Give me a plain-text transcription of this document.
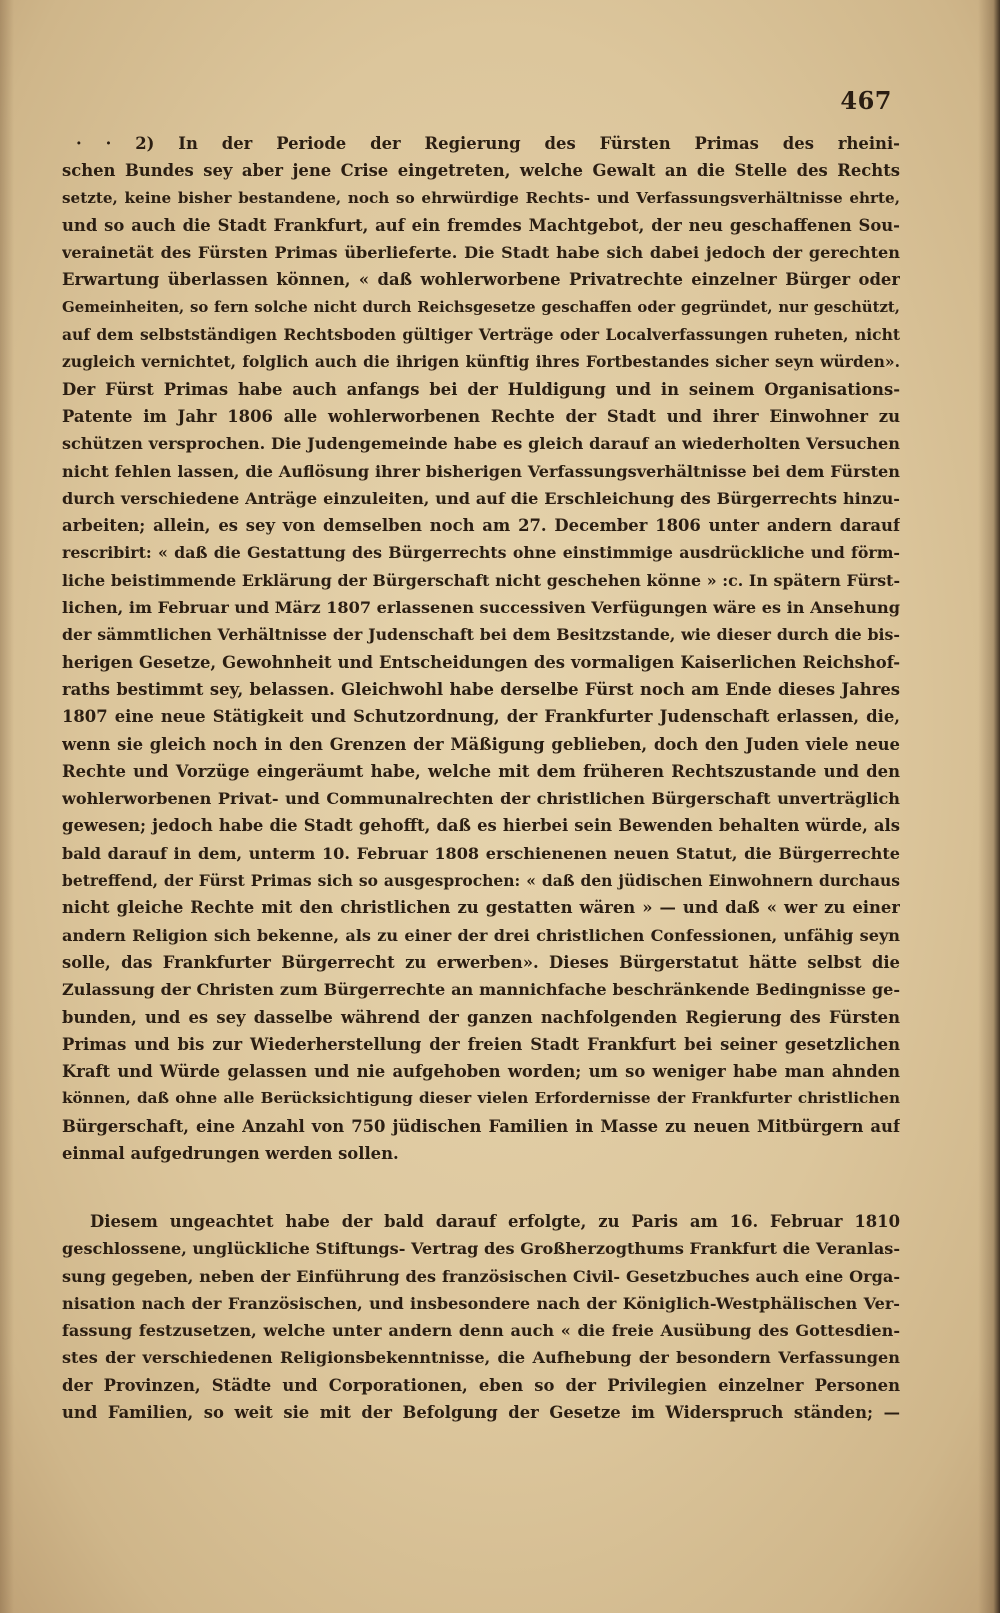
467
· · 2) In der Periode der Regierung des Fürsten Primas des rheini-
schen Bundes sey aber jene Crise eingetreten, welche Gewalt an die Stelle des Rechts
setzte, keine bisher bestandene, noch so ehrwürdige Rechts- und Verfassungsverhältnisse ehrte,
und so auch die Stadt Frankfurt, auf ein fremdes Machtgebot, der neu geschaffenen Sou-
verainetät des Fürsten Primas überlieferte. Die Stadt habe sich dabei jedoch der gerechten
Erwartung überlassen können, « daß wohlerworbene Privatrechte einzelner Bürger oder
Gemeinheiten, so fern solche nicht durch Reichsgesetze geschaffen oder gegründet, nur geschützt,
auf dem selbstständigen Rechtsboden gültiger Verträge oder Localverfassungen ruheten, nicht
zugleich vernichtet, folglich auch die ihrigen künftig ihres Fortbestandes sicher seyn würden».
Der Fürst Primas habe auch anfangs bei der Huldigung und in seinem Organisations-
Patente im Jahr 1806 alle wohlerworbenen Rechte der Stadt und ihrer Einwohner zu
schützen versprochen. Die Judengemeinde habe es gleich darauf an wiederholten Versuchen
nicht fehlen lassen, die Auflösung ihrer bisherigen Verfassungsverhältnisse bei dem Fürsten
durch verschiedene Anträge einzuleiten, und auf die Erschleichung des Bürgerrechts hinzu-
arbeiten; allein, es sey von demselben noch am 27. December 1806 unter andern darauf
rescribirt: « daß die Gestattung des Bürgerrechts ohne einstimmige ausdrückliche und förm-
liche beistimmende Erklärung der Bürgerschaft nicht geschehen könne » :c. In spätern Fürst-
lichen, im Februar und März 1807 erlassenen successiven Verfügungen wäre es in Ansehung
der sämmtlichen Verhältnisse der Judenschaft bei dem Besitzstande, wie dieser durch die bis-
herigen Gesetze, Gewohnheit und Entscheidungen des vormaligen Kaiserlichen Reichshof-
raths bestimmt sey, belassen. Gleichwohl habe derselbe Fürst noch am Ende dieses Jahres
1807 eine neue Stätigkeit und Schutzordnung, der Frankfurter Judenschaft erlassen, die,
wenn sie gleich noch in den Grenzen der Mäßigung geblieben, doch den Juden viele neue
Rechte und Vorzüge eingeräumt habe, welche mit dem früheren Rechtszustande und den
wohlerworbenen Privat- und Communalrechten der christlichen Bürgerschaft unverträglich
gewesen; jedoch habe die Stadt gehofft, daß es hierbei sein Bewenden behalten würde, als
bald darauf in dem, unterm 10. Februar 1808 erschienenen neuen Statut, die Bürgerrechte
betreffend, der Fürst Primas sich so ausgesprochen: « daß den jüdischen Einwohnern durchaus
nicht gleiche Rechte mit den christlichen zu gestatten wären » — und daß « wer zu einer
andern Religion sich bekenne, als zu einer der drei christlichen Confessionen, unfähig seyn
solle, das Frankfurter Bürgerrecht zu erwerben». Dieses Bürgerstatut hätte selbst die
Zulassung der Christen zum Bürgerrechte an mannichfache beschränkende Bedingnisse ge-
bunden, und es sey dasselbe während der ganzen nachfolgenden Regierung des Fürsten
Primas und bis zur Wiederherstellung der freien Stadt Frankfurt bei seiner gesetzlichen
Kraft und Würde gelassen und nie aufgehoben worden; um so weniger habe man ahnden
können, daß ohne alle Berücksichtigung dieser vielen Erfordernisse der Frankfurter christlichen
Bürgerschaft, eine Anzahl von 750 jüdischen Familien in Masse zu neuen Mitbürgern auf
einmal aufgedrungen werden sollen.
Diesem ungeachtet habe der bald darauf erfolgte, zu Paris am 16. Februar 1810
geschlossene, unglückliche Stiftungs- Vertrag des Großherzogthums Frankfurt die Veranlas-
sung gegeben, neben der Einführung des französischen Civil- Gesetzbuches auch eine Orga-
nisation nach der Französischen, und insbesondere nach der Königlich-Westphälischen Ver-
fassung festzusetzen, welche unter andern denn auch « die freie Ausübung des Gottesdien-
stes der verschiedenen Religionsbekenntnisse, die Aufhebung der besondern Verfassungen
der Provinzen, Städte und Corporationen, eben so der Privilegien einzelner Personen
und Familien, so weit sie mit der Befolgung der Gesetze im Widerspruch ständen; —
